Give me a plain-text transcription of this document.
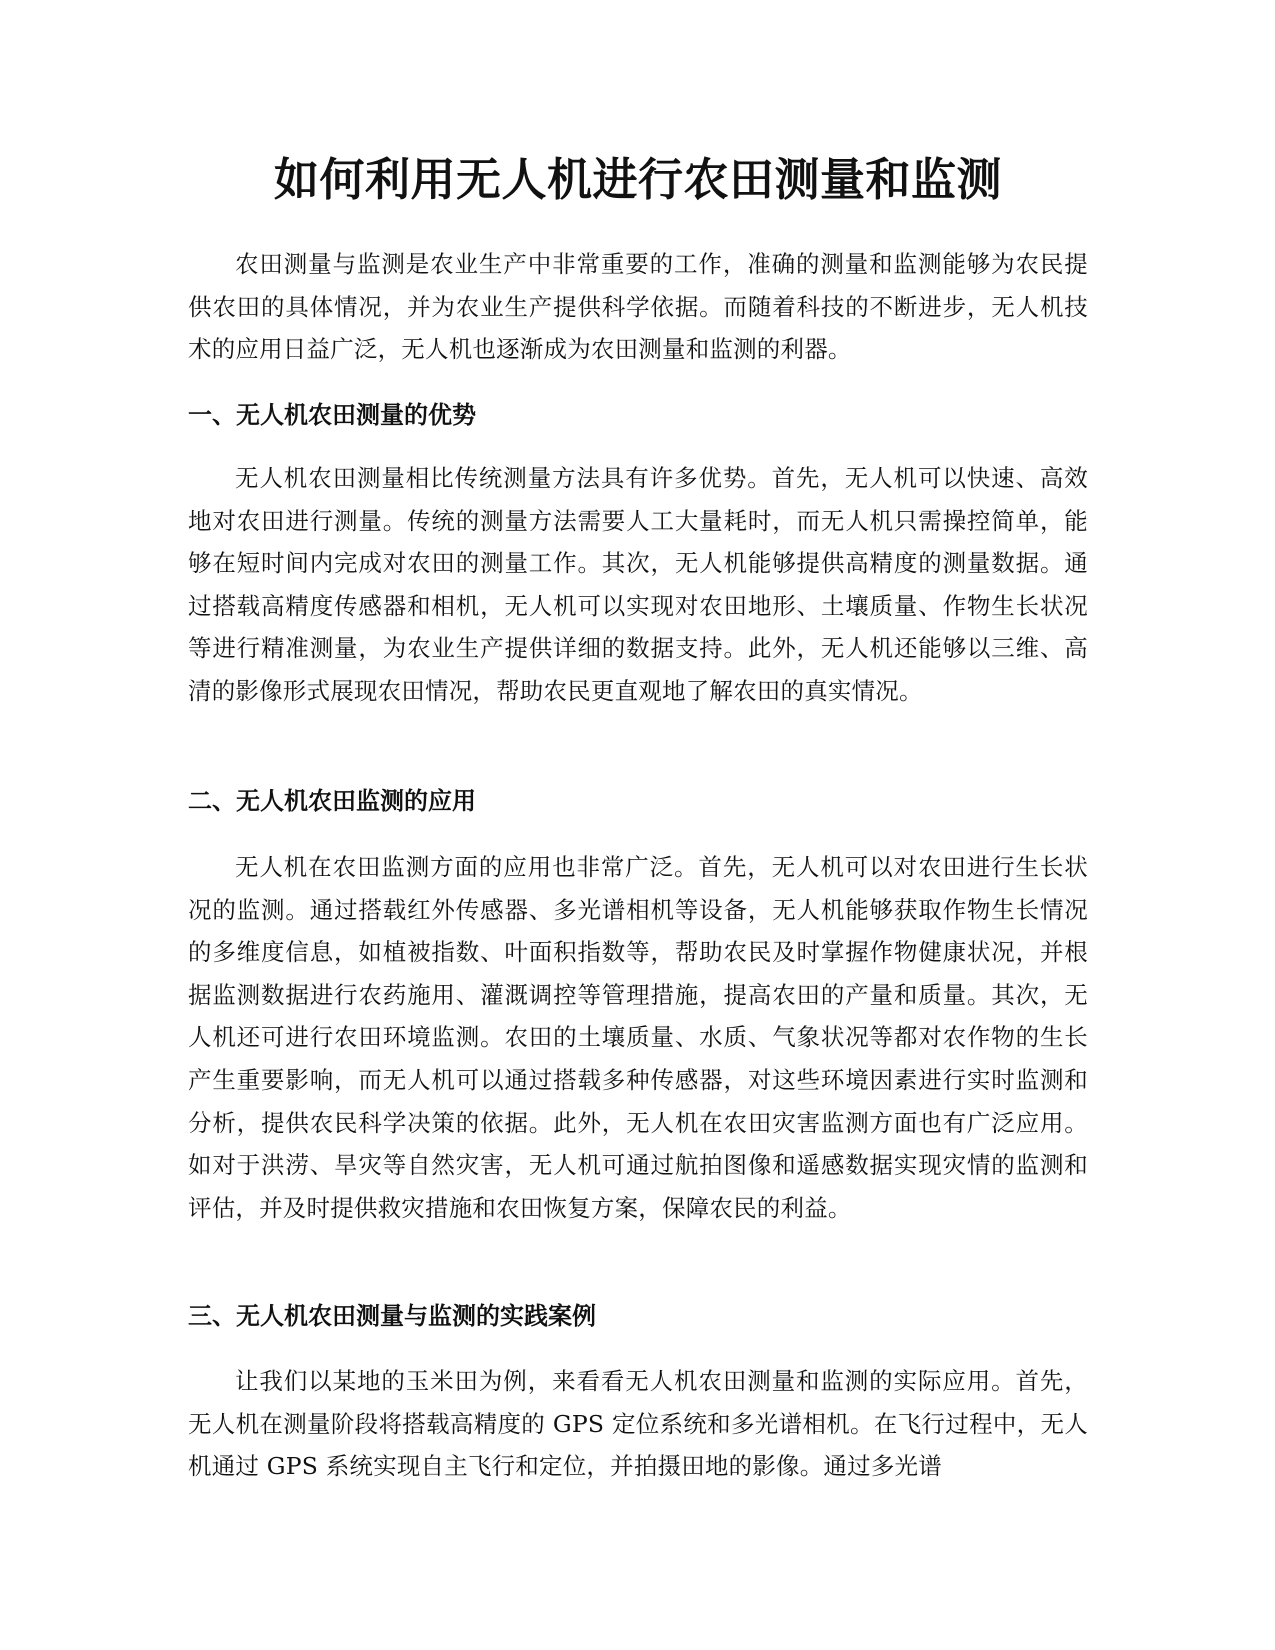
如何利用无人机进行农田测量和监测

农田测量与监测是农业生产中非常重要的工作，准确的测量和监测能够为农民提供农田的具体情况，并为农业生产提供科学依据。而随着科技的不断进步，无人机技术的应用日益广泛，无人机也逐渐成为农田测量和监测的利器。

一、无人机农田测量的优势

无人机农田测量相比传统测量方法具有许多优势。首先，无人机可以快速、高效地对农田进行测量。传统的测量方法需要人工大量耗时，而无人机只需操控简单，能够在短时间内完成对农田的测量工作。其次，无人机能够提供高精度的测量数据。通过搭载高精度传感器和相机，无人机可以实现对农田地形、土壤质量、作物生长状况等进行精准测量，为农业生产提供详细的数据支持。此外，无人机还能够以三维、高清的影像形式展现农田情况，帮助农民更直观地了解农田的真实情况。

二、无人机农田监测的应用

无人机在农田监测方面的应用也非常广泛。首先，无人机可以对农田进行生长状况的监测。通过搭载红外传感器、多光谱相机等设备，无人机能够获取作物生长情况的多维度信息，如植被指数、叶面积指数等，帮助农民及时掌握作物健康状况，并根据监测数据进行农药施用、灌溉调控等管理措施，提高农田的产量和质量。其次，无人机还可进行农田环境监测。农田的土壤质量、水质、气象状况等都对农作物的生长产生重要影响，而无人机可以通过搭载多种传感器，对这些环境因素进行实时监测和分析，提供农民科学决策的依据。此外，无人机在农田灾害监测方面也有广泛应用。如对于洪涝、旱灾等自然灾害，无人机可通过航拍图像和遥感数据实现灾情的监测和评估，并及时提供救灾措施和农田恢复方案，保障农民的利益。

三、无人机农田测量与监测的实践案例

让我们以某地的玉米田为例，来看看无人机农田测量和监测的实际应用。首先，无人机在测量阶段将搭载高精度的 GPS 定位系统和多光谱相机。在飞行过程中，无人机通过 GPS 系统实现自主飞行和定位，并拍摄田地的影像。通过多光谱
